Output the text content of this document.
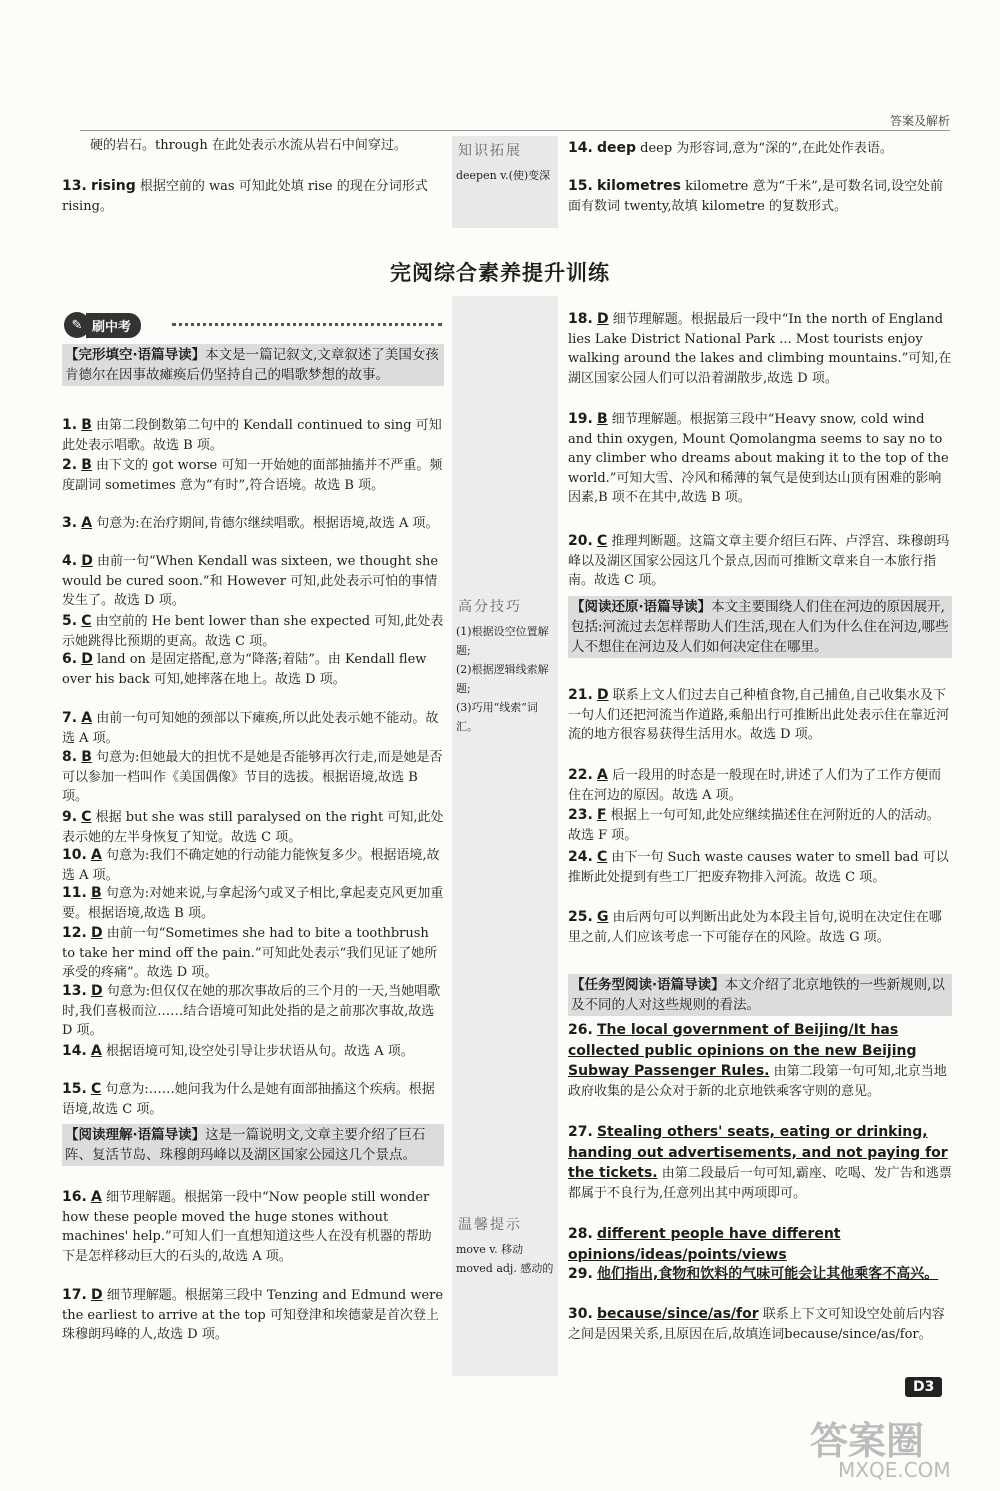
答案及解析
硬的岩石。through 在此处表示水流从岩石中间穿过。
13. rising 根据空前的 was 可知此处填 rise 的现在分词形式 rising。
知识拓展
deepen v.(使)变深
14. deep deep 为形容词,意为“深的”,在此处作表语。
15. kilometres kilometre 意为“千米”,是可数名词,设空处前面有数词 twenty,故填 kilometre 的复数形式。
完阅综合素养提升训练
✎ 刷中考
【完形填空·语篇导读】本文是一篇记叙文,文章叙述了美国女孩肯德尔在因事故瘫痪后仍坚持自己的唱歌梦想的故事。
1. B 由第二段倒数第二句中的 Kendall continued to sing 可知此处表示唱歌。故选 B 项。
2. B 由下文的 got worse 可知一开始她的面部抽搐并不严重。频度副词 sometimes 意为“有时”,符合语境。故选 B 项。
3. A 句意为:在治疗期间,肯德尔继续唱歌。根据语境,故选 A 项。
4. D 由前一句“When Kendall was sixteen, we thought she would be cured soon.”和 However 可知,此处表示可怕的事情发生了。故选 D 项。
5. C 由空前的 He bent lower than she expected 可知,此处表示她跳得比预期的更高。故选 C 项。
6. D land on 是固定搭配,意为“降落;着陆”。由 Kendall flew over his back 可知,她摔落在地上。故选 D 项。
7. A 由前一句可知她的颈部以下瘫痪,所以此处表示她不能动。故选 A 项。
8. B 句意为:但她最大的担忧不是她是否能够再次行走,而是她是否可以参加一档叫作《美国偶像》节目的选拔。根据语境,故选 B 项。
9. C 根据 but she was still paralysed on the right 可知,此处表示她的左半身恢复了知觉。故选 C 项。
10. A 句意为:我们不确定她的行动能力能恢复多少。根据语境,故选 A 项。
11. B 句意为:对她来说,与拿起汤勺或叉子相比,拿起麦克风更加重要。根据语境,故选 B 项。
12. D 由前一句“Sometimes she had to bite a toothbrush to take her mind off the pain.”可知此处表示“我们见证了她所承受的疼痛”。故选 D 项。
13. D 句意为:但仅仅在她的那次事故后的三个月的一天,当她唱歌时,我们喜极而泣……结合语境可知此处指的是之前那次事故,故选 D 项。
14. A 根据语境可知,设空处引导让步状语从句。故选 A 项。
15. C 句意为:……她问我为什么是她有面部抽搐这个疾病。根据语境,故选 C 项。
【阅读理解·语篇导读】这是一篇说明文,文章主要介绍了巨石阵、复活节岛、珠穆朗玛峰以及湖区国家公园这几个景点。
16. A 细节理解题。根据第一段中“Now people still wonder how these people moved the huge stones without machines' help.”可知人们一直想知道这些人在没有机器的帮助下是怎样移动巨大的石头的,故选 A 项。
17. D 细节理解题。根据第三段中 Tenzing and Edmund were the earliest to arrive at the top 可知登津和埃德蒙是首次登上珠穆朗玛峰的人,故选 D 项。
高分技巧
(1)根据设空位置解题;
(2)根据逻辑线索解题;
(3)巧用“线索”词汇。
温馨提示
move v. 移动
moved adj. 感动的
18. D 细节理解题。根据最后一段中“In the north of England lies Lake District National Park ... Most tourists enjoy walking around the lakes and climbing mountains.”可知,在湖区国家公园人们可以沿着湖散步,故选 D 项。
19. B 细节理解题。根据第三段中“Heavy snow, cold wind and thin oxygen, Mount Qomolangma seems to say no to any climber who dreams about making it to the top of the world.”可知大雪、冷风和稀薄的氧气是使到达山顶有困难的影响因素,B 项不在其中,故选 B 项。
20. C 推理判断题。这篇文章主要介绍巨石阵、卢浮宫、珠穆朗玛峰以及湖区国家公园这几个景点,因而可推断文章来自一本旅行指南。故选 C 项。
【阅读还原·语篇导读】本文主要围绕人们住在河边的原因展开,包括:河流过去怎样帮助人们生活,现在人们为什么住在河边,哪些人不想住在河边及人们如何决定住在哪里。
21. D 联系上文人们过去自己种植食物,自己捕鱼,自己收集水及下一句人们还把河流当作道路,乘船出行可推断出此处表示住在靠近河流的地方很容易获得生活用水。故选 D 项。
22. A 后一段用的时态是一般现在时,讲述了人们为了工作方便而住在河边的原因。故选 A 项。
23. F 根据上一句可知,此处应继续描述住在河附近的人的活动。故选 F 项。
24. C 由下一句 Such waste causes water to smell bad 可以推断此处提到有些工厂把废弃物排入河流。故选 C 项。
25. G 由后两句可以判断出此处为本段主旨句,说明在决定住在哪里之前,人们应该考虑一下可能存在的风险。故选 G 项。
【任务型阅读·语篇导读】本文介绍了北京地铁的一些新规则,以及不同的人对这些规则的看法。
26. The local government of Beijing/It has collected public opinions on the new Beijing Subway Passenger Rules. 由第二段第一句可知,北京当地政府收集的是公众对于新的北京地铁乘客守则的意见。
27. Stealing others' seats, eating or drinking, handing out advertisements, and not paying for the tickets. 由第二段最后一句可知,霸座、吃喝、发广告和逃票都属于不良行为,任意列出其中两项即可。
28. different people have different opinions/ideas/points/views
29. 他们指出,食物和饮料的气味可能会让其他乘客不高兴。
30. because/since/as/for 联系上下文可知设空处前后内容之间是因果关系,且原因在后,故填连词because/since/as/for。
D3
答案圈
MXQE.COM
